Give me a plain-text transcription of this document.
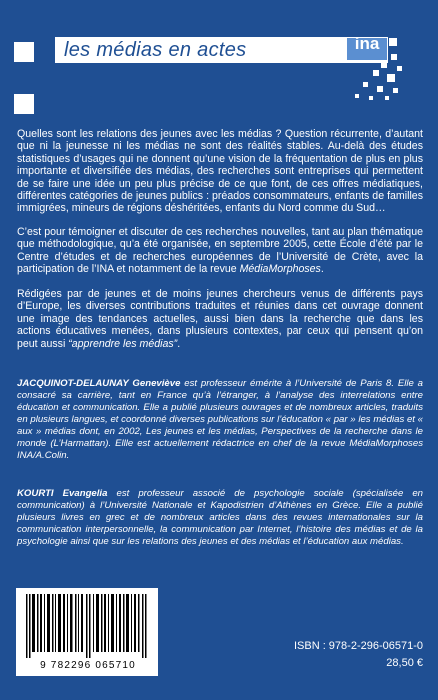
les médias en actes	ina
Quelles sont les relations des jeunes avec les médias ? Question récurrente, d’autant que ni la jeunesse ni les médias ne sont des réalités stables. Au-delà des études statistiques d’usages qui ne donnent qu’une vision de la fréquentation de plus en plus importante et diversifiée des médias, des recherches sont entreprises qui permettent de se faire une idée un peu plus précise de ce que font, de ces offres médiatiques, différentes catégories de jeunes publics : préados consommateurs, enfants de familles immigrées, mineurs de régions déshéritées, enfants du Nord comme du Sud…
C’est pour témoigner et discuter de ces recherches nouvelles, tant au plan thématique que méthodologique, qu’a été organisée, en septembre 2005, cette École d’été par le Centre d’études et de recherches européennes de l’Université de Crète, avec la participation de l’INA et notamment de la revue MédiaMorphoses.
Rédigées par de jeunes et de moins jeunes chercheurs venus de différents pays d’Europe, les diverses contributions traduites et réunies dans cet ouvrage donnent une image des tendances actuelles, aussi bien dans la recherche que dans les actions éducatives menées, dans plusieurs contextes, par ceux qui pensent qu’on peut aussi “apprendre les médias”.
JACQUINOT-DELAUNAY Geneviève est professeur émérite à l’Université de Paris 8. Elle a consacré sa carrière, tant en France qu’à l’étranger, à l’analyse des interrelations entre éducation et communication. Elle a publié plusieurs ouvrages et de nombreux articles, traduits en plusieurs langues, et coordonné diverses publications sur l’éducation « par » les médias et « aux » médias dont, en 2002, Les jeunes et les médias, Perspectives de la recherche dans le monde (L’Harmattan). Ellle est actuellement rédactrice en chef de la revue MédiaMorphoses INA/A.Colin.
KOURTI Evangelia est professeur associé de psychologie sociale (spécialisée en communication) à l’Université Nationale et Kapodistrien d’Athènes en Grèce. Elle a publié plusieurs livres en grec et de nombreux articles dans des revues internationales sur la communication interpersonnelle, la communication par Internet, l’histoire des médias et de la psychologie ainsi que sur les relations des jeunes et des médias et l’éducation aux médias.
9 782296 065710
ISBN : 978-2-296-06571-0
28,50 €
